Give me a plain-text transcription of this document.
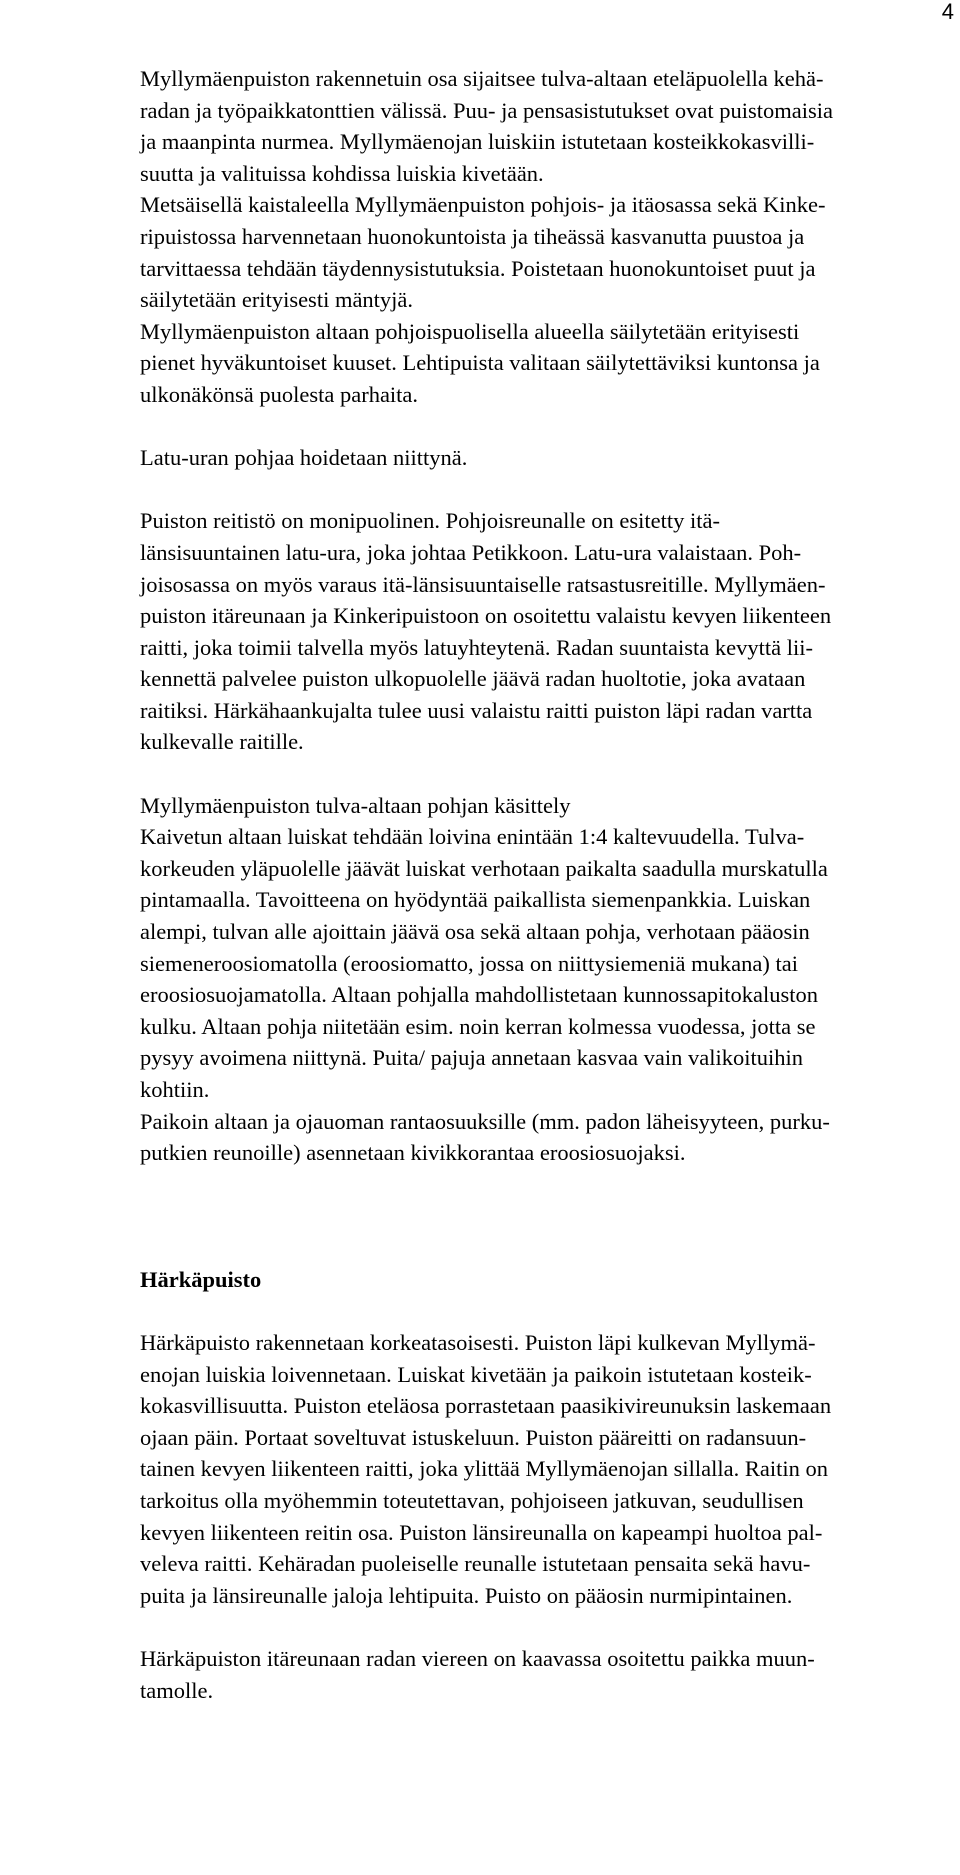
4
Myllymäenpuiston rakennetuin osa sijaitsee tulva-altaan eteläpuolella kehä-
radan ja työpaikkatonttien välissä. Puu- ja pensasistutukset ovat puistomaisia
ja maanpinta nurmea. Myllymäenojan luiskiin istutetaan kosteikkokasvilli-
suutta ja valituissa kohdissa luiskia kivetään.
Metsäisellä kaistaleella Myllymäenpuiston pohjois- ja itäosassa sekä Kinke-
ripuistossa harvennetaan huonokuntoista ja tiheässä kasvanutta puustoa ja
tarvittaessa tehdään täydennysistutuksia. Poistetaan huonokuntoiset puut ja
säilytetään erityisesti mäntyjä.
Myllymäenpuiston altaan pohjoispuolisella alueella säilytetään erityisesti
pienet hyväkuntoiset kuuset. Lehtipuista valitaan säilytettäviksi kuntonsa ja
ulkonäkönsä puolesta parhaita.
Latu-uran pohjaa hoidetaan niittynä.
Puiston reitistö on monipuolinen. Pohjoisreunalle on esitetty itä-
länsisuuntainen latu-ura, joka johtaa Petikkoon. Latu-ura valaistaan. Poh-
joisosassa on myös varaus itä-länsisuuntaiselle ratsastusreitille. Myllymäen-
puiston itäreunaan ja Kinkeripuistoon on osoitettu valaistu kevyen liikenteen
raitti, joka toimii talvella myös latuyhteytenä. Radan suuntaista kevyttä lii-
kennettä palvelee puiston ulkopuolelle jäävä radan huoltotie, joka avataan
raitiksi. Härkähaankujalta tulee uusi valaistu raitti puiston läpi radan vartta
kulkevalle raitille.
Myllymäenpuiston tulva-altaan pohjan käsittely
Kaivetun altaan luiskat tehdään loivina enintään 1:4 kaltevuudella. Tulva-
korkeuden yläpuolelle jäävät luiskat verhotaan paikalta saadulla murskatulla
pintamaalla. Tavoitteena on hyödyntää paikallista siemenpankkia. Luiskan
alempi, tulvan alle ajoittain jäävä osa sekä altaan pohja, verhotaan pääosin
siemeneroosiomatolla (eroosiomatto, jossa on niittysiemeniä mukana) tai
eroosiosuojamatolla. Altaan pohjalla mahdollistetaan kunnossapitokaluston
kulku. Altaan pohja niitetään esim. noin kerran kolmessa vuodessa, jotta se
pysyy avoimena niittynä. Puita/ pajuja annetaan kasvaa vain valikoituihin
kohtiin.
Paikoin altaan ja ojauoman rantaosuuksille (mm. padon läheisyyteen, purku-
putkien reunoille) asennetaan kivikkorantaa eroosiosuojaksi.
Härkäpuisto
Härkäpuisto rakennetaan korkeatasoisesti. Puiston läpi kulkevan Myllymä-
enojan luiskia loivennetaan. Luiskat kivetään ja paikoin istutetaan kosteik-
kokasvillisuutta. Puiston eteläosa porrastetaan paasikivireunuksin laskemaan
ojaan päin. Portaat soveltuvat istuskeluun. Puiston pääreitti on radansuun-
tainen kevyen liikenteen raitti, joka ylittää Myllymäenojan sillalla. Raitin on
tarkoitus olla myöhemmin toteutettavan, pohjoiseen jatkuvan, seudullisen
kevyen liikenteen reitin osa. Puiston länsireunalla on kapeampi huoltoa pal-
veleva raitti. Kehäradan puoleiselle reunalle istutetaan pensaita sekä havu-
puita ja länsireunalle jaloja lehtipuita. Puisto on pääosin nurmipintainen.
Härkäpuiston itäreunaan radan viereen on kaavassa osoitettu paikka muun-
tamolle.
